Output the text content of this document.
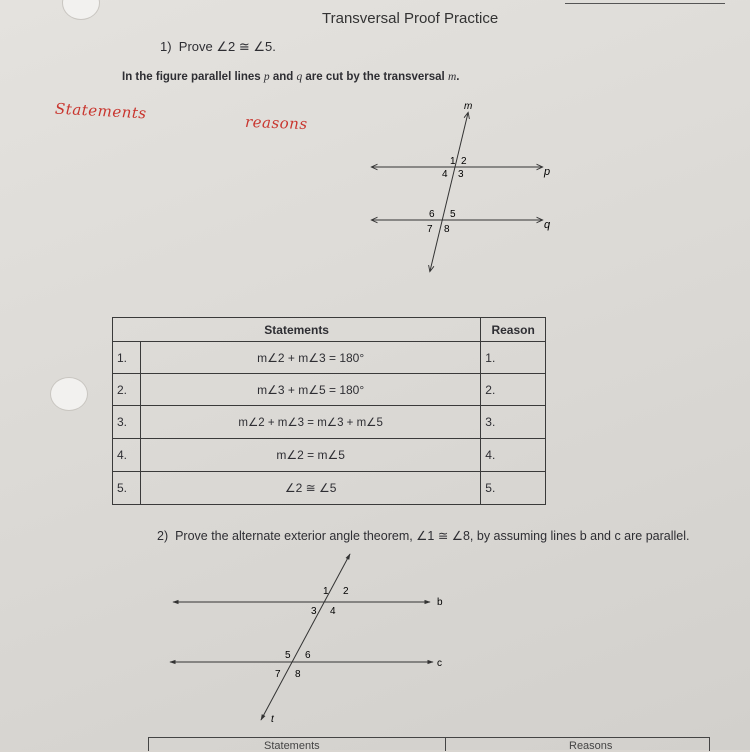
Transversal Proof Practice
1) Prove ∠2 ≅ ∠5.
In the figure parallel lines p and q are cut by the transversal m.
Statements
reasons
m
p
q
1 2
4 3
6 5
7 8
Statements		Reason	
1.	m∠2 + m∠3 = 180°	1.	
2.	m∠3 + m∠5 = 180°	2.	
3.	m∠2 + m∠3 = m∠3 + m∠5	3.	
4.	m∠2 = m∠5	4.	
5.	∠2 ≅ ∠5	5.	
2) Prove the alternate exterior angle theorem, ∠1 ≅ ∠8, by assuming lines b and c are parallel.
b
c
t
1 2
3 4
5 6
7 8
Statements	Reasons
